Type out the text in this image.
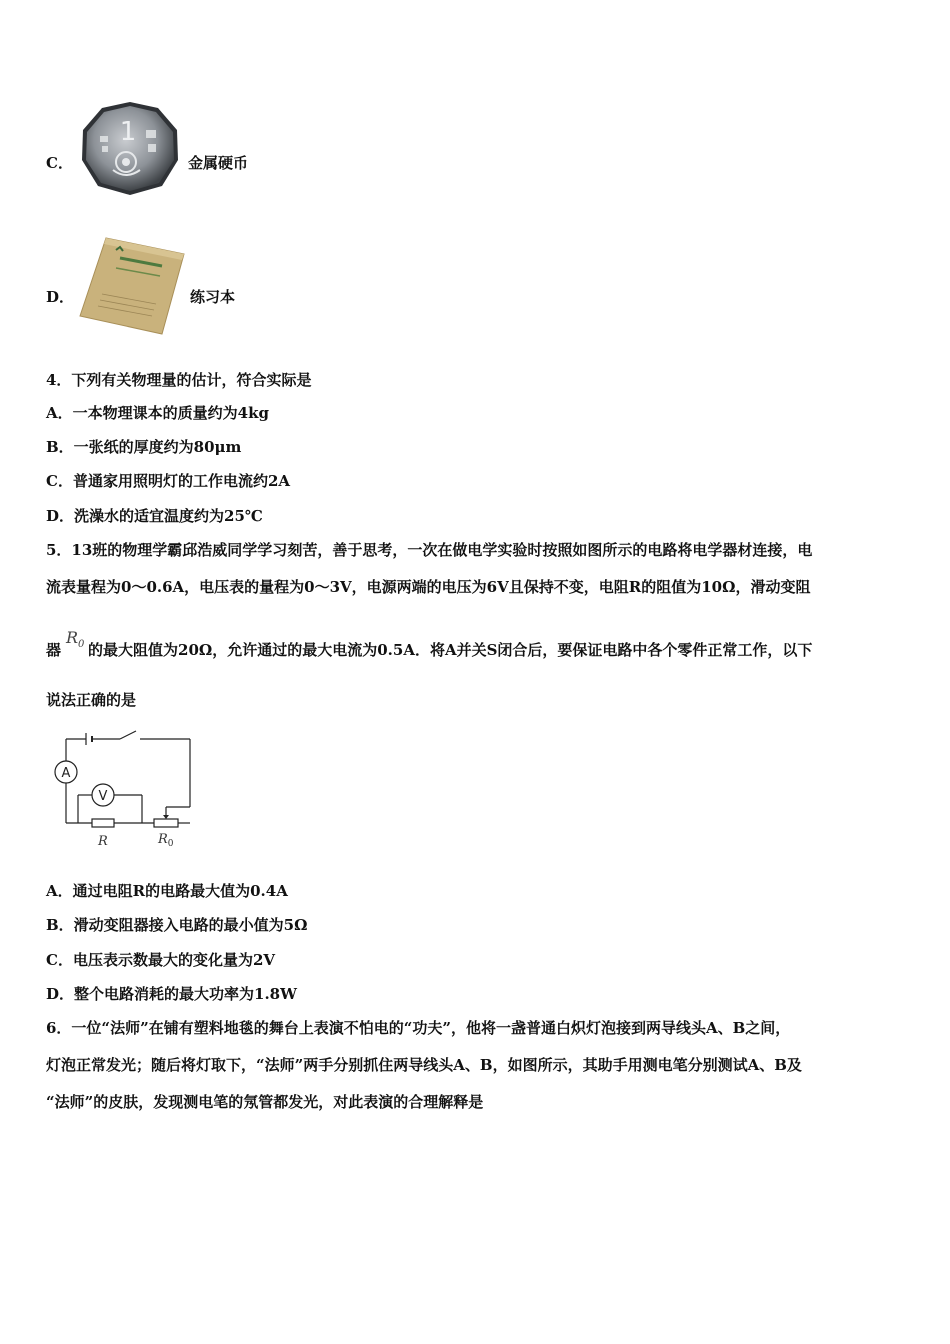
C．
1
金属硬币
D．	练习本
4．下列有关物理量的估计，符合实际是
A．一本物理课本的质量约为4kg
B．一张纸的厚度约为80μm
C．普通家用照明灯的工作电流约2A
D．洗澡水的适宜温度约为25℃
5．13班的物理学霸邱浩威同学学习刻苦，善于思考，一次在做电学实验时按照如图所示的电路将电学器材连接，电
流表量程为0～0.6A，电压表的量程为0～3V，电源两端的电压为6V且保持不变，电阻R的阻值为10Ω，滑动变阻
器
$R_0$ 的最大阻值为20Ω，允许通过的最大电流为0.5A．将A并关S闭合后，要保证电路中各个零件正常工作，以下
说法正确的是
A
V
R	$R_0$
A．通过电阻R的电路最大值为0.4A
B．滑动变阻器接入电路的最小值为5Ω
C．电压表示数最大的变化量为2V
D．整个电路消耗的最大功率为1.8W
6．一位“法师”在铺有塑料地毯的舞台上表演不怕电的“功夫”，他将一盏普通白炽灯泡接到两导线头A、B之间，
灯泡正常发光；随后将灯取下，“法师”两手分别抓住两导线头A、B，如图所示，其助手用测电笔分别测试A、B及
“法师”的皮肤，发现测电笔的氖管都发光，对此表演的合理解释是
